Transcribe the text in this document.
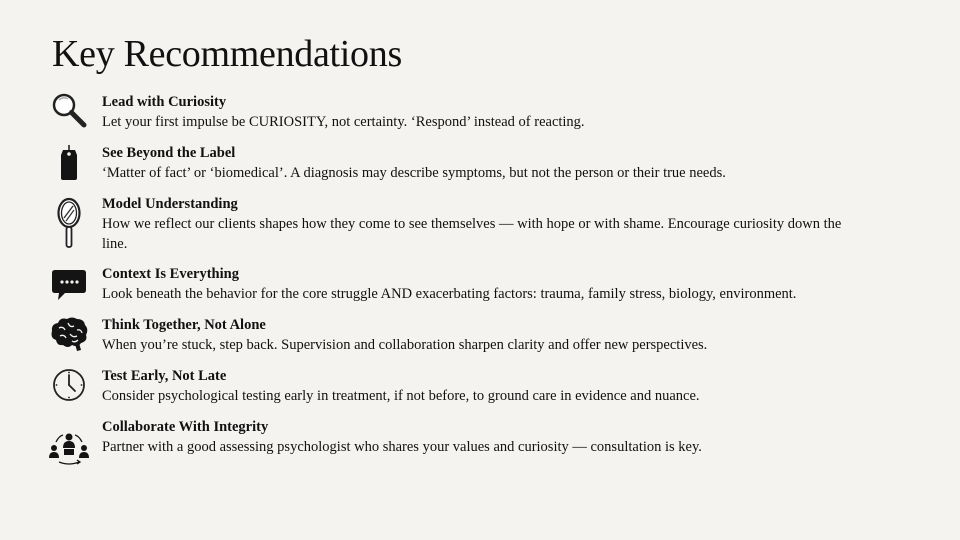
Key Recommendations
Lead with Curiosity
Let your first impulse be CURIOSITY, not certainty. ‘Respond’ instead of reacting.
See Beyond the Label
‘Matter of fact’ or ‘biomedical’. A diagnosis may describe symptoms, but not the person or their true needs.
Model Understanding
How we reflect our clients shapes how they come to see themselves — with hope or with shame. Encourage curiosity down the line.
Context Is Everything
Look beneath the behavior for the core struggle AND exacerbating factors: trauma, family stress, biology, environment.
Think Together, Not Alone
When you’re stuck, step back. Supervision and collaboration sharpen clarity and offer new perspectives.
Test Early, Not Late
Consider psychological testing early in treatment, if not before, to ground care in evidence and nuance.
Collaborate With Integrity
Partner with a good assessing psychologist who shares your values and curiosity — consultation is key.
